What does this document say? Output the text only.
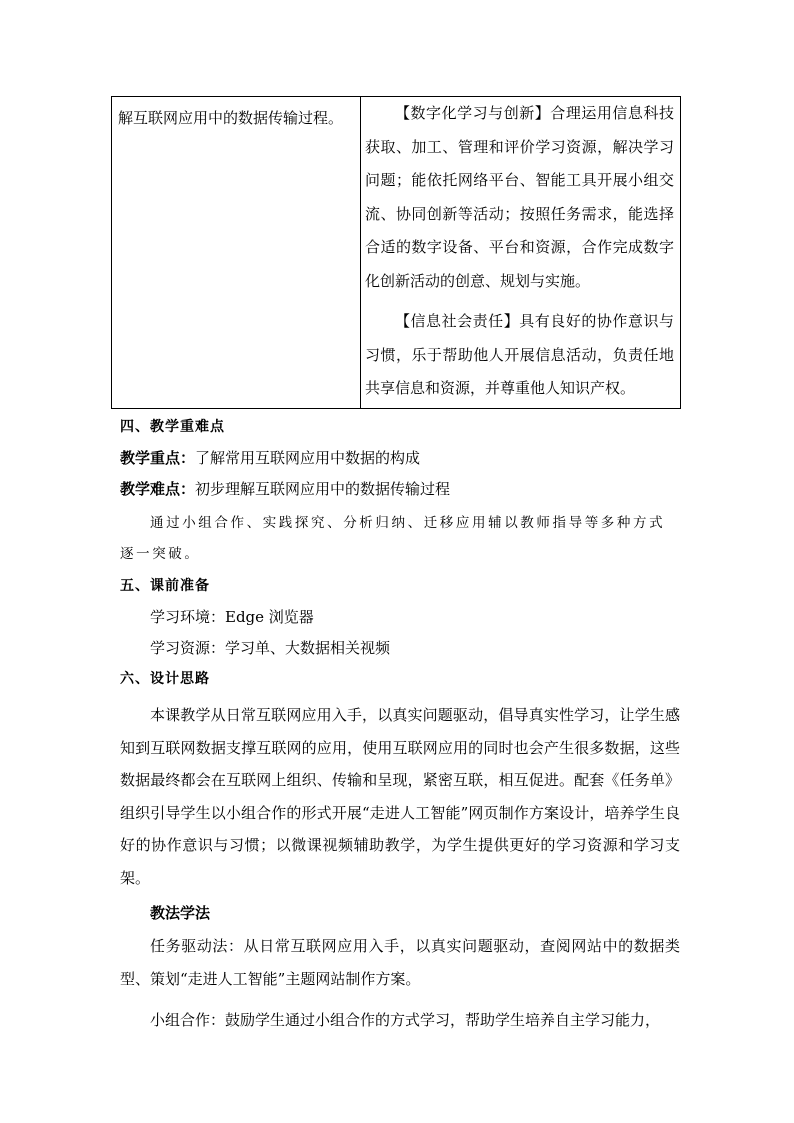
解互联网应用中的数据传输过程。	【数字化学习与创新】合理运用信息科技获取、加工、管理和评价学习资源，解决学习问题；能依托网络平台、智能工具开展小组交流、协同创新等活动；按照任务需求，能选择合适的数字设备、平台和资源，合作完成数字化创新活动的创意、规划与实施。

【信息社会责任】具有良好的协作意识与习惯，乐于帮助他人开展信息活动，负责任地共享信息和资源，并尊重他人知识产权。

四、教学重难点
教学重点：了解常用互联网应用中数据的构成
教学难点：初步理解互联网应用中的数据传输过程
通过小组合作、实践探究、分析归纳、迁移应用辅以教师指导等多种方式逐一突破。
五、课前准备
学习环境：Edge 浏览器
学习资源：学习单、大数据相关视频
六、设计思路
本课教学从日常互联网应用入手，以真实问题驱动，倡导真实性学习，让学生感知到互联网数据支撑互联网的应用，使用互联网应用的同时也会产生很多数据，这些数据最终都会在互联网上组织、传输和呈现，紧密互联，相互促进。配套《任务单》组织引导学生以小组合作的形式开展“走进人工智能”网页制作方案设计，培养学生良好的协作意识与习惯；以微课视频辅助教学，为学生提供更好的学习资源和学习支架。
教法学法
任务驱动法：从日常互联网应用入手，以真实问题驱动，查阅网站中的数据类型、策划“走进人工智能”主题网站制作方案。
小组合作：鼓励学生通过小组合作的方式学习，帮助学生培养自主学习能力，
